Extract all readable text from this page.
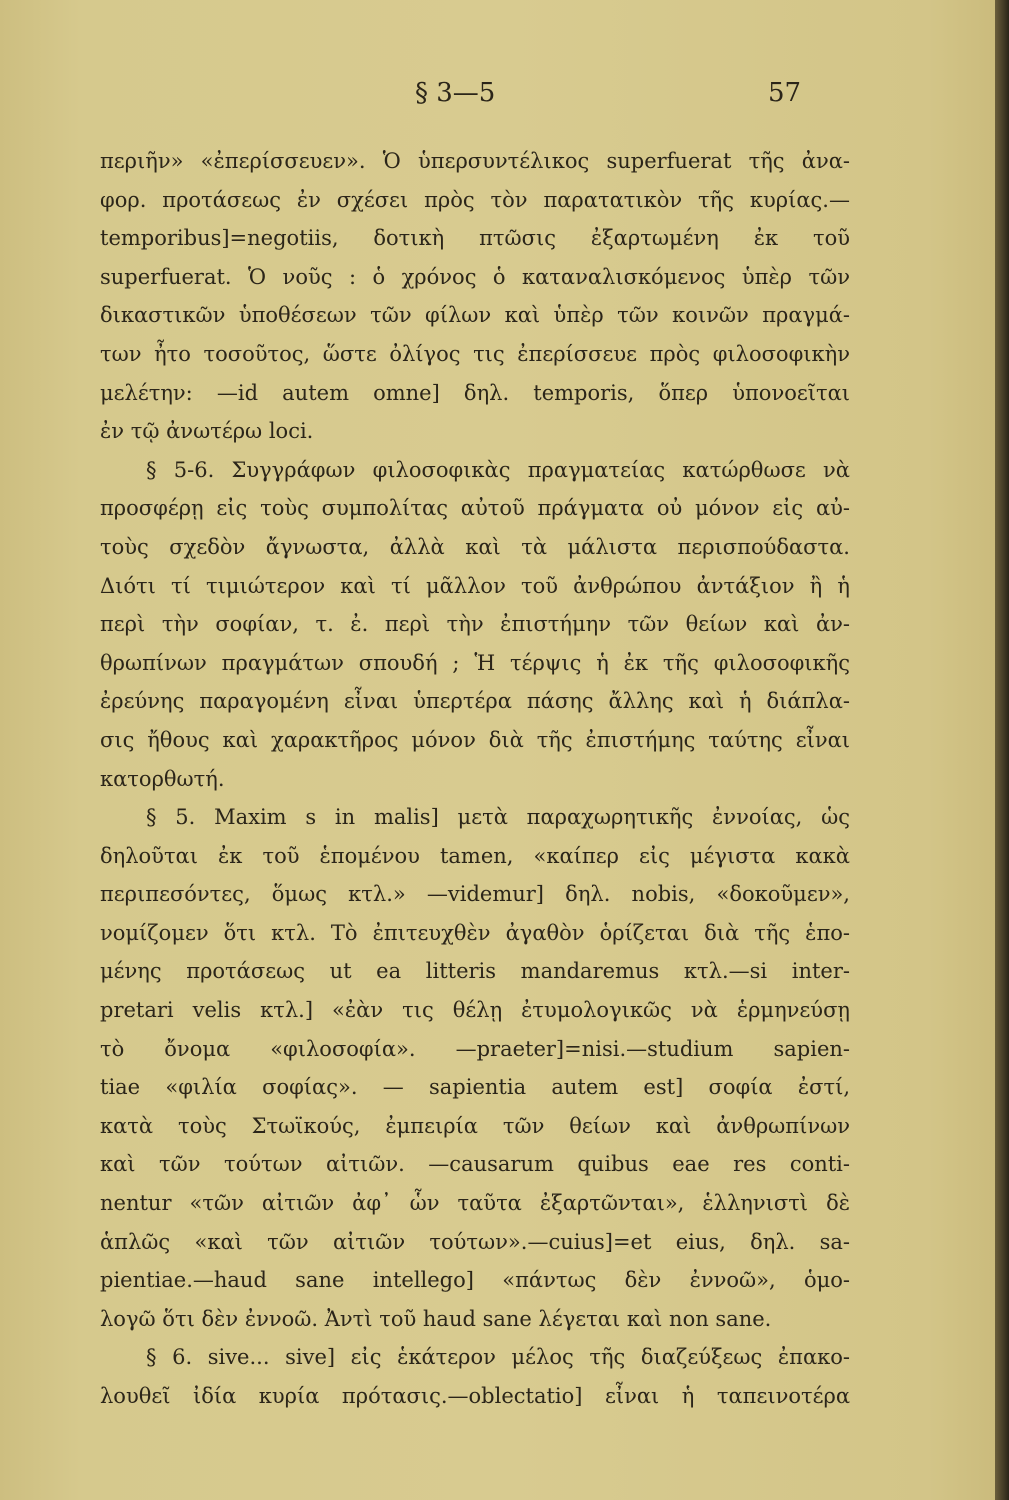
§ 3—5	57
περιῆν» «ἐπερίσσευεν». Ὁ ὑπερσυντέλικος superfuerat τῆς ἀνα-
φορ. προτάσεως ἐν σχέσει πρὸς τὸν παρατατικὸν τῆς κυρίας.—
temporibus]=negotiis, δοτικὴ πτῶσις ἐξαρτωμένη ἐκ τοῦ
superfuerat. Ὁ νοῦς : ὁ χρόνος ὁ καταναλισκόμενος ὑπὲρ τῶν
δικαστικῶν ὑποθέσεων τῶν φίλων καὶ ὑπὲρ τῶν κοινῶν πραγμά-
των ἦτο τοσοῦτος, ὥστε ὀλίγος τις ἐπερίσσευε πρὸς φιλοσοφικὴν
μελέτην: —id autem omne] δηλ. temporis, ὅπερ ὑπονοεῖται
ἐν τῷ ἀνωτέρω loci.
§ 5-6. Συγγράφων φιλοσοφικὰς πραγματείας κατώρθωσε νὰ
προσφέρῃ εἰς τοὺς συμπολίτας αὐτοῦ πράγματα οὐ μόνον εἰς αὐ-
τοὺς σχεδὸν ἄγνωστα, ἀλλὰ καὶ τὰ μάλιστα περισπούδαστα.
Διότι τί τιμιώτερον καὶ τί μᾶλλον τοῦ ἀνθρώπου ἀντάξιον ἢ ἡ
περὶ τὴν σοφίαν, τ. ἐ. περὶ τὴν ἐπιστήμην τῶν θείων καὶ ἀν-
θρωπίνων πραγμάτων σπουδή ; Ἡ τέρψις ἡ ἐκ τῆς φιλοσοφικῆς
ἐρεύνης παραγομένη εἶναι ὑπερτέρα πάσης ἄλλης καὶ ἡ διάπλα-
σις ἤθους καὶ χαρακτῆρος μόνον διὰ τῆς ἐπιστήμης ταύτης εἶναι
κατορθωτή.
§ 5. Maxim s in malis] μετὰ παραχωρητικῆς ἐννοίας, ὡς
δηλοῦται ἐκ τοῦ ἑπομένου tamen, «καίπερ εἰς μέγιστα κακὰ
περιπεσόντες, ὅμως κτλ.» —videmur] δηλ. nobis, «δοκοῦμεν»,
νομίζομεν ὅτι κτλ. Τὸ ἐπιτευχθὲν ἀγαθὸν ὁρίζεται διὰ τῆς ἑπο-
μένης προτάσεως ut ea litteris mandaremus κτλ.—si inter-
pretari velis κτλ.] «ἐὰν τις θέλῃ ἐτυμολογικῶς νὰ ἑρμηνεύσῃ
τὸ ὄνομα «φιλοσοφία». —praeter]=nisi.—studium sapien-
tiae «φιλία σοφίας». — sapientia autem est] σοφία ἐστί,
κατὰ τοὺς Στωϊκούς, ἐμπειρία τῶν θείων καὶ ἀνθρωπίνων
καὶ τῶν τούτων αἰτιῶν. —causarum quibus eae res conti-
nentur «τῶν αἰτιῶν ἀφ᾽ ὧν ταῦτα ἐξαρτῶνται», ἑλληνιστὶ δὲ
ἁπλῶς «καὶ τῶν αἰτιῶν τούτων».—cuius]=et eius, δηλ. sa-
pientiae.—haud sane intellego] «πάντως δὲν ἐννοῶ», ὁμο-
λογῶ ὅτι δὲν ἐννοῶ. Ἀντὶ τοῦ haud sane λέγεται καὶ non sane.
§ 6. sive... sive] εἰς ἑκάτερον μέλος τῆς διαζεύξεως ἐπακο-
λουθεῖ ἰδία κυρία πρότασις.—oblectatio] εἶναι ἡ ταπεινοτέρα
